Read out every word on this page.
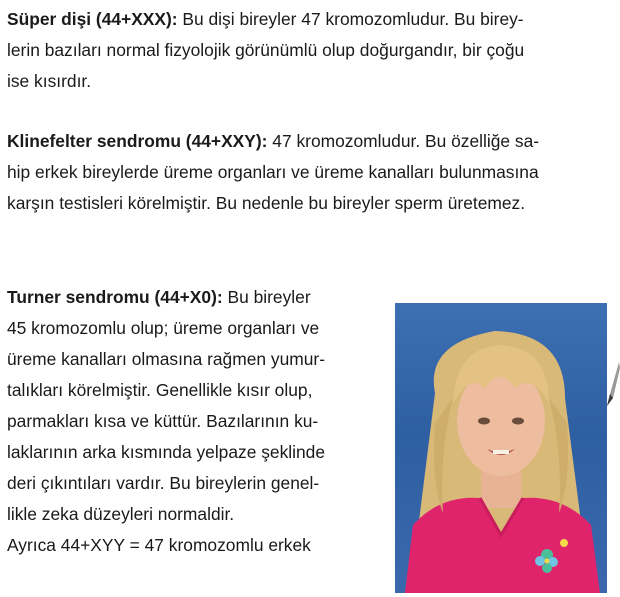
Süper dişi (44+XXX): Bu dişi bireyler 47 kromozomludur. Bu birey-
lerin bazıları normal fizyolojik görünümlü olup doğurgandır, bir çoğu
ise kısırdır.

Klinefelter sendromu (44+XXY): 47 kromozomludur. Bu özelliğe sa-
hip erkek bireylerde üreme organları ve üreme kanalları bulunmasına
karşın testisleri körelmiştir. Bu nedenle bu bireyler sperm üretemez.

Turner sendromu (44+X0): Bu bireyler
45 kromozomlu olup; üreme organları ve
üreme kanalları olmasına rağmen yumur-
talıkları körelmiştir. Genellikle kısır olup,
parmakları kısa ve küttür. Bazılarının ku-
laklarının arka kısmında yelpaze şeklinde
deri çıkıntıları vardır. Bu bireylerin genel-
likle zeka düzeyleri normaldir.
Ayrıca 44+XYY = 47 kromozomlu erkek
